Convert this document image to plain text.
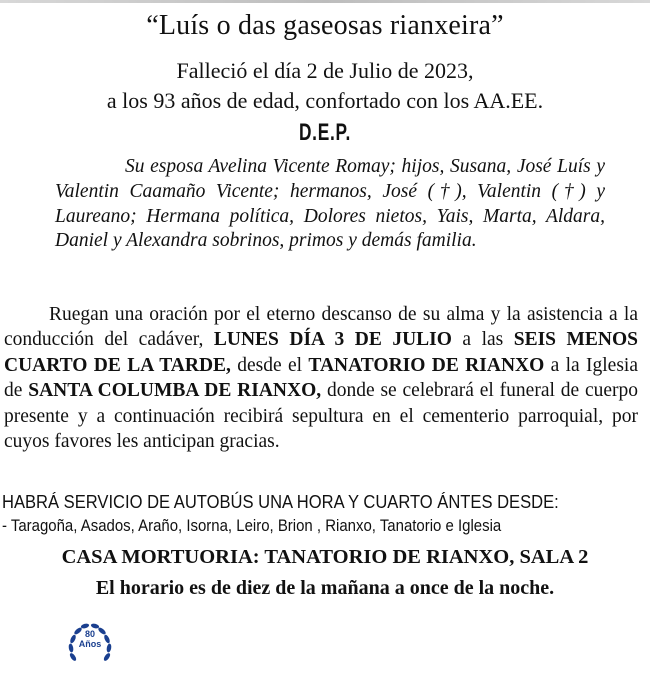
“Luís o das gaseosas rianxeira”
Falleció el día 2 de Julio de 2023,
a los 93 años de edad, confortado con los AA.EE.
D.E.P.
Su esposa Avelina Vicente Romay; hijos, Susana, José Luís y Valentin Caamaño Vicente; hermanos, José (†), Valentin (†) y Laureano; Hermana política, Dolores nietos, Yais, Marta, Aldara, Daniel y Alexandra sobrinos, primos y demás familia.
Ruegan una oración por el eterno descanso de su alma y la asistencia a la conducción del cadáver, LUNES DÍA 3 DE JULIO a las SEIS MENOS CUARTO DE LA TARDE, desde el TANATORIO DE RIANXO a la Iglesia de SANTA COLUMBA DE RIANXO, donde se celebrará el funeral de cuerpo presente y a continuación recibirá sepultura en el cementerio parroquial, por cuyos favores les anticipan gracias.
HABRÁ SERVICIO DE AUTOBÚS UNA HORA Y CUARTO ÁNTES DESDE:
- Taragoña, Asados, Araño, Isorna, Leiro, Brion , Rianxo, Tanatorio e Iglesia
CASA MORTUORIA: TANATORIO DE RIANXO, SALA 2
El horario es de diez de la mañana a once de la noche.
80
Años
